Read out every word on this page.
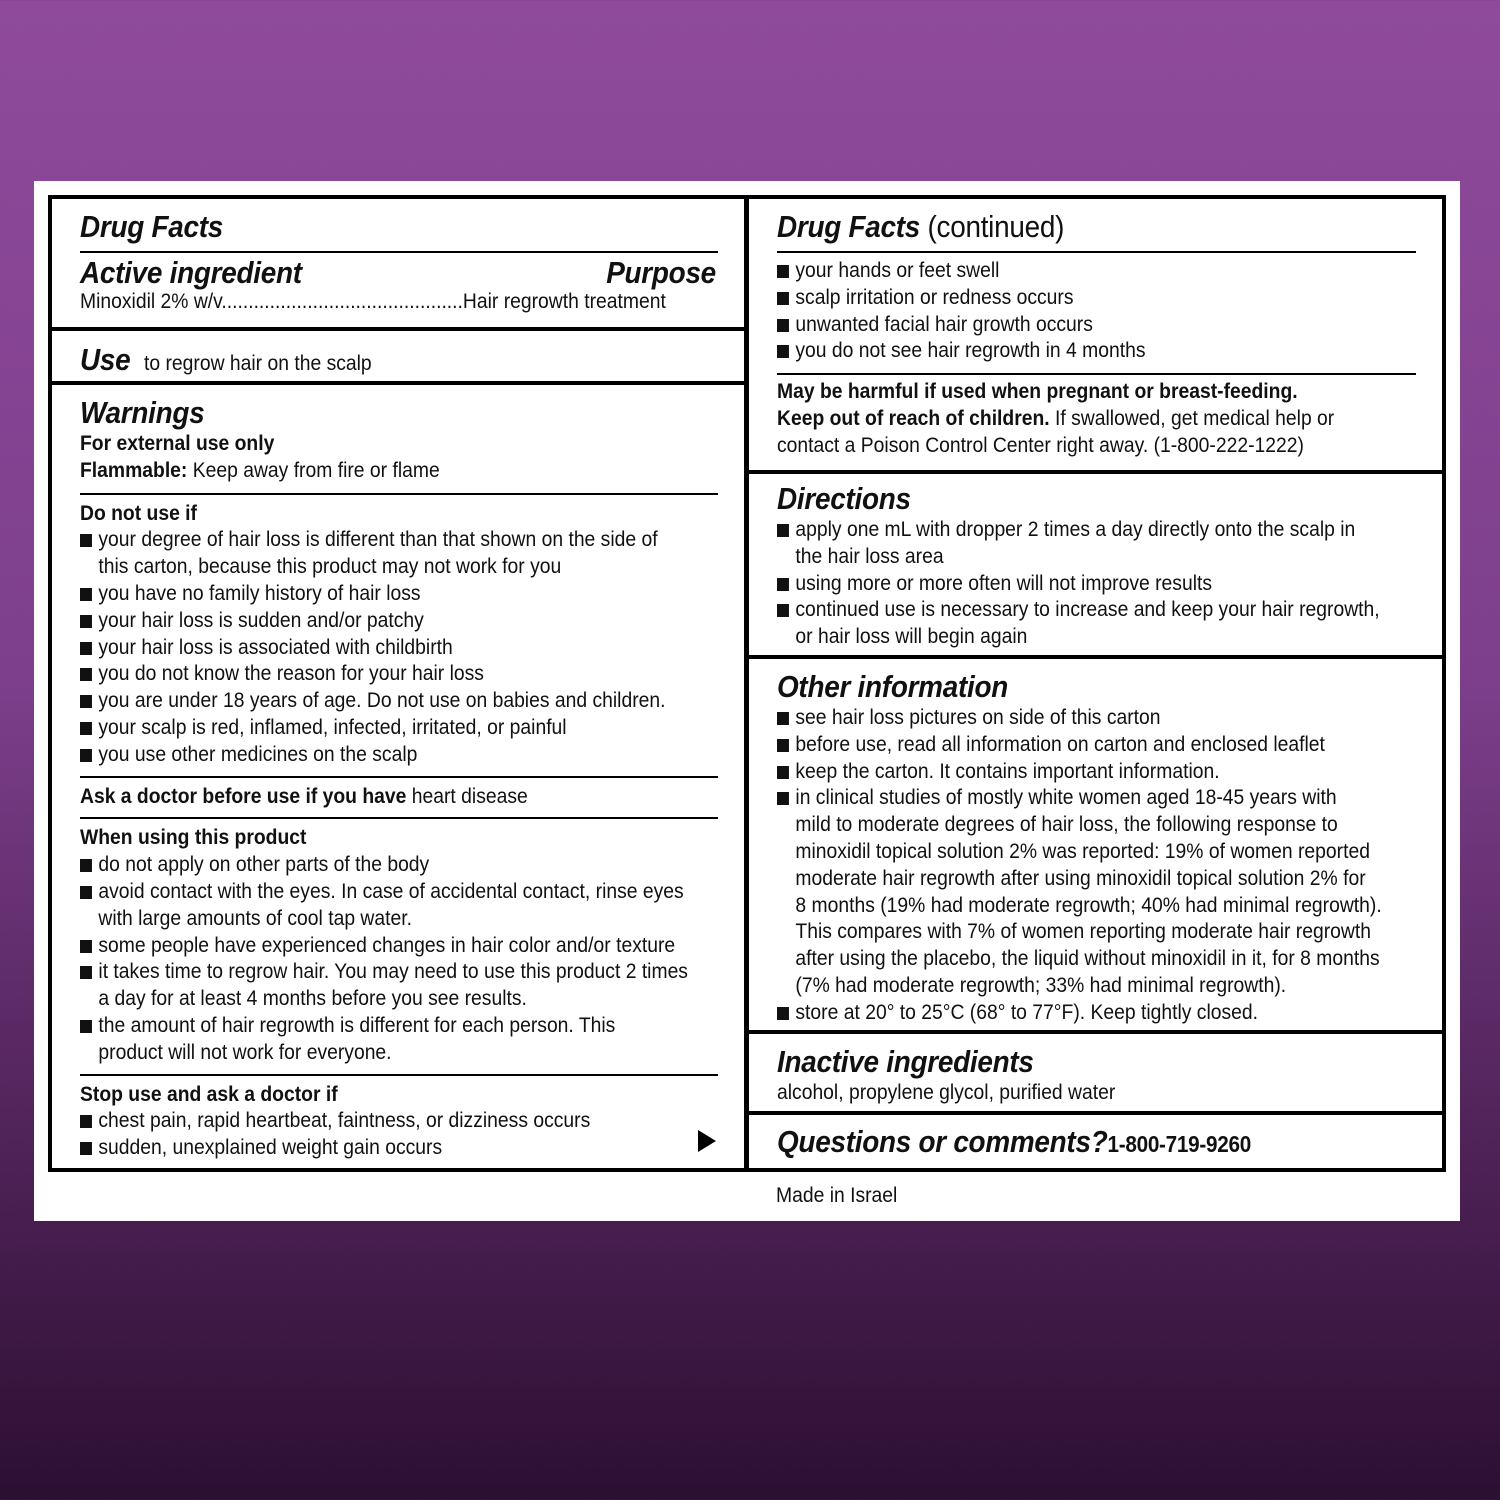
Drug Facts
Active ingredient	Purpose
Minoxidil 2% w/v.............................................Hair regrowth treatment
Use to regrow hair on the scalp
Warnings
For external use only
Flammable: Keep away from fire or flame
Do not use if
your degree of hair loss is different than that shown on the side of
this carton, because this product may not work for you
you have no family history of hair loss
your hair loss is sudden and/or patchy
your hair loss is associated with childbirth
you do not know the reason for your hair loss
you are under 18 years of age. Do not use on babies and children.
your scalp is red, inflamed, infected, irritated, or painful
you use other medicines on the scalp
Ask a doctor before use if you have heart disease
When using this product
do not apply on other parts of the body
avoid contact with the eyes. In case of accidental contact, rinse eyes
with large amounts of cool tap water.
some people have experienced changes in hair color and/or texture
it takes time to regrow hair. You may need to use this product 2 times
a day for at least 4 months before you see results.
the amount of hair regrowth is different for each person. This
product will not work for everyone.
Stop use and ask a doctor if
chest pain, rapid heartbeat, faintness, or dizziness occurs
sudden, unexplained weight gain occurs
Drug Facts (continued)
your hands or feet swell
scalp irritation or redness occurs
unwanted facial hair growth occurs
you do not see hair regrowth in 4 months
May be harmful if used when pregnant or breast-feeding.
Keep out of reach of children. If swallowed, get medical help or
contact a Poison Control Center right away. (1-800-222-1222)
Directions
apply one mL with dropper 2 times a day directly onto the scalp in
the hair loss area
using more or more often will not improve results
continued use is necessary to increase and keep your hair regrowth,
or hair loss will begin again
Other information
see hair loss pictures on side of this carton
before use, read all information on carton and enclosed leaflet
keep the carton. It contains important information.
in clinical studies of mostly white women aged 18-45 years with
mild to moderate degrees of hair loss, the following response to
minoxidil topical solution 2% was reported: 19% of women reported
moderate hair regrowth after using minoxidil topical solution 2% for
8 months (19% had moderate regrowth; 40% had minimal regrowth).
This compares with 7% of women reporting moderate hair regrowth
after using the placebo, the liquid without minoxidil in it, for 8 months
(7% had moderate regrowth; 33% had minimal regrowth).
store at 20° to 25°C (68° to 77°F). Keep tightly closed.
Inactive ingredients
alcohol, propylene glycol, purified water
Questions or comments?1-800-719-9260
Made in Israel
